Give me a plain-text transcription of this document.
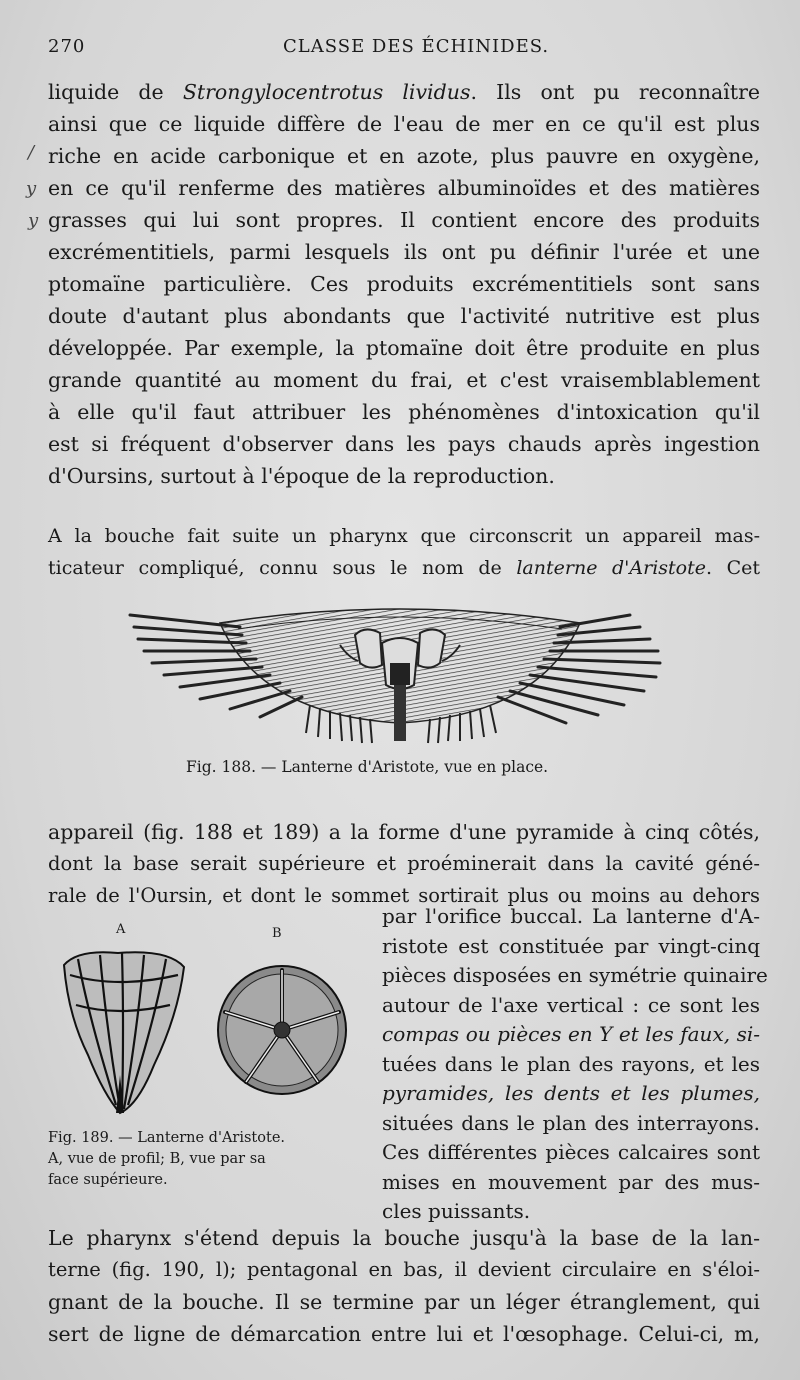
270	CLASSE DES ÉCHINIDES.
liquide de Strongylocentrotus lividus. Ils ont pu reconnaître
ainsi que ce liquide diffère de l'eau de mer en ce qu'il est plus
riche en acide carbonique et en azote, plus pauvre en oxygène,
en ce qu'il renferme des matières albuminoïdes et des matières
grasses qui lui sont propres. Il contient encore des produits
excrémentitiels, parmi lesquels ils ont pu définir l'urée et une
ptomaïne particulière. Ces produits excrémentitiels sont sans
doute d'autant plus abondants que l'activité nutritive est plus
développée. Par exemple, la ptomaïne doit être produite en plus
grande quantité au moment du frai, et c'est vraisemblablement
à elle qu'il faut attribuer les phénomènes d'intoxication qu'il
est si fréquent d'observer dans les pays chauds après ingestion
d'Oursins, surtout à l'époque de la reproduction.
/
y
y
A la bouche fait suite un pharynx que circonscrit un appareil mas-
ticateur compliqué, connu sous le nom de lanterne d'Aristote. Cet
Fig. 188. — Lanterne d'Aristote, vue en place.
appareil (fig. 188 et 189) a la forme d'une pyramide à cinq côtés,
dont la base serait supérieure et proéminerait dans la cavité géné-
rale de l'Oursin, et dont le sommet sortirait plus ou moins au dehors
par l'orifice buccal. La lanterne d'A-
ristote est constituée par vingt-cinq
pièces disposées en symétrie quinaire
autour de l'axe vertical : ce sont les
compas ou pièces en Y et les faux, si-
tuées dans le plan des rayons, et les
pyramides, les dents et les plumes,
situées dans le plan des interrayons.
Ces différentes pièces calcaires sont
mises en mouvement par des mus-
cles puissants.
A	B
Fig. 189. — Lanterne d'Aristote.
A, vue de profil; B, vue par sa
face supérieure.
Le pharynx s'étend depuis la bouche jusqu'à la base de la lan-
terne (fig. 190, l); pentagonal en bas, il devient circulaire en s'éloi-
gnant de la bouche. Il se termine par un léger étranglement, qui
sert de ligne de démarcation entre lui et l'œsophage. Celui-ci, m,
